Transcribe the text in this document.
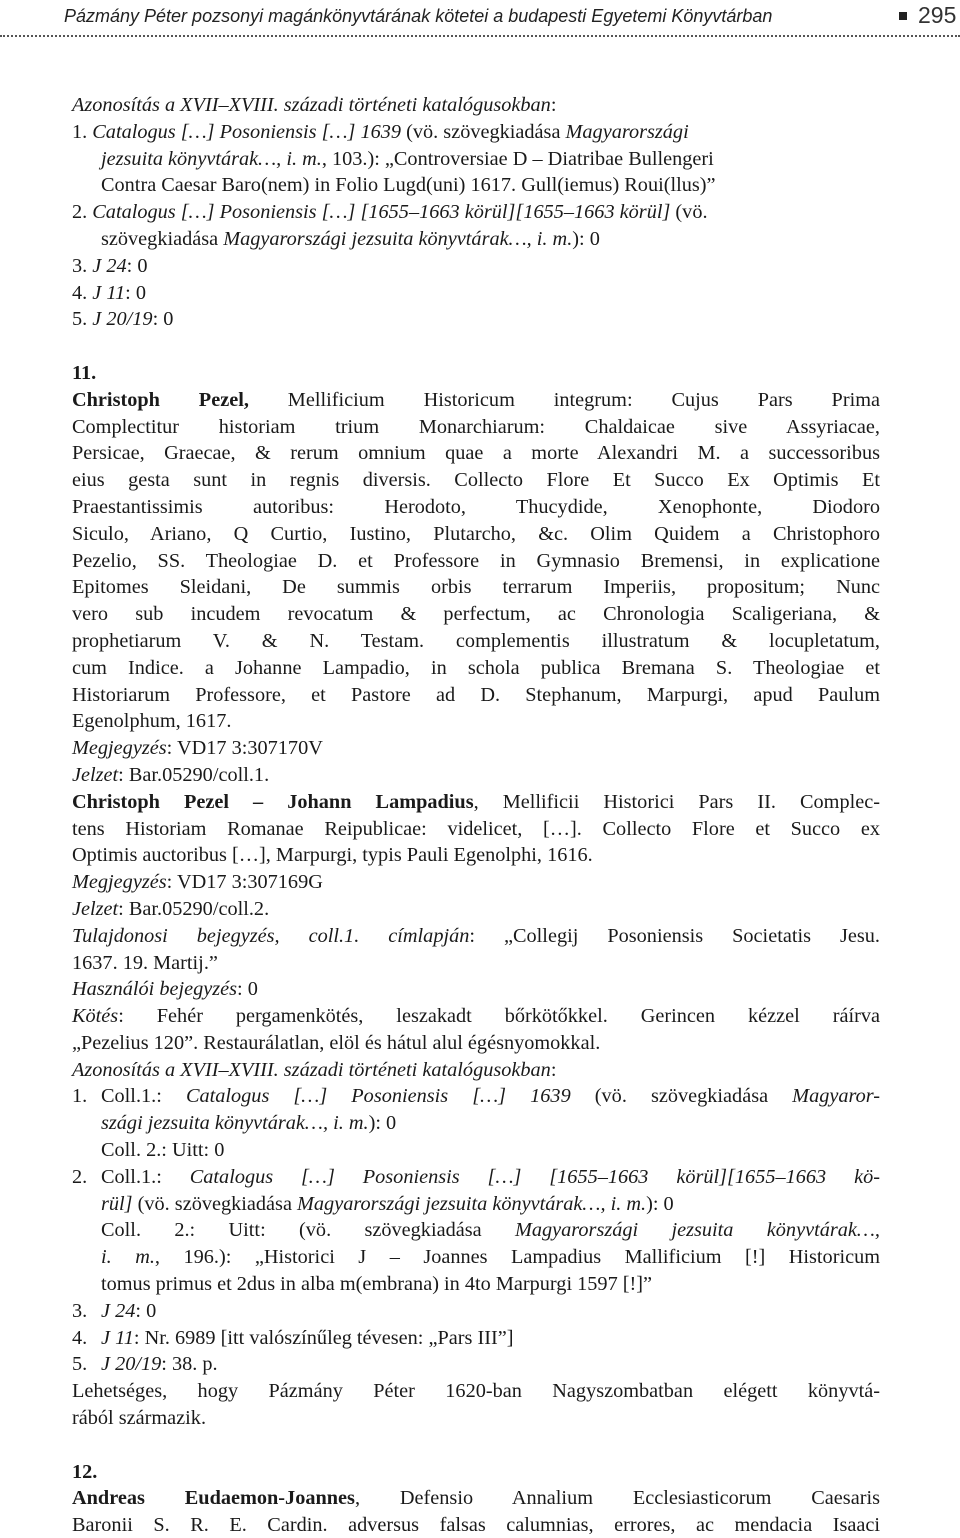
Pázmány Péter pozsonyi magánkönyvtárának kötetei a budapesti Egyetemi Könyvtárban	295
Azonosítás a XVII–XVIII. századi történeti katalógusokban:
1. Catalogus […] Posoniensis […] 1639 (vö. szövegkiadása Magyarországi
jezsuita könyvtárak…, i. m., 103.): „Controversiae D – Diatribae Bullengeri
Contra Caesar Baro(nem) in Folio Lugd(uni) 1617. Gull(iemus) Roui(llus)”
2. Catalogus […] Posoniensis […] [1655–1663 körül][1655–1663 körül] (vö.
szövegkiadása Magyarországi jezsuita könyvtárak…, i. m.): 0
3. J 24: 0
4. J 11: 0
5. J 20/19: 0
11.
Christoph Pezel, Mellificium Historicum integrum: Cujus Pars Prima
Complectitur historiam trium Monarchiarum: Chaldaicae sive Assyriacae,
Persicae, Graecae, & rerum omnium quae a morte Alexandri M. a successoribus
eius gesta sunt in regnis diversis. Collecto Flore Et Succo Ex Optimis Et
Praestantissimis autoribus: Herodoto, Thucydide, Xenophonte, Diodoro
Siculo, Ariano, Q Curtio, Iustino, Plutarcho, &c. Olim Quidem a Christophoro
Pezelio, SS. Theologiae D. et Professore in Gymnasio Bremensi, in explicatione
Epitomes Sleidani, De summis orbis terrarum Imperiis, propositum; Nunc
vero sub incudem revocatum & perfectum, ac Chronologia Scaligeriana, &
prophetiarum V. & N. Testam. complementis illustratum & locupletatum,
cum Indice. a Johanne Lampadio, in schola publica Bremana S. Theologiae et
Historiarum Professore, et Pastore ad D. Stephanum, Marpurgi, apud Paulum
Egenolphum, 1617.
Megjegyzés: VD17 3:307170V
Jelzet: Bar.05290/coll.1.
Christoph Pezel – Johann Lampadius, Mellificii Historici Pars II. Complec-
tens Historiam Romanae Reipublicae: videlicet, […]. Collecto Flore et Succo ex
Optimis auctoribus […], Marpurgi, typis Pauli Egenolphi, 1616.
Megjegyzés: VD17 3:307169G
Jelzet: Bar.05290/coll.2.
Tulajdonosi bejegyzés, coll.1. címlapján: „Collegij Posoniensis Societatis Jesu.
1637. 19. Martij.”
Használói bejegyzés: 0
Kötés: Fehér pergamenkötés, leszakadt bőrkötőkkel. Gerincen kézzel ráírva
„Pezelius 120”. Restaurálatlan, elöl és hátul alul égésnyomokkal.
Azonosítás a XVII–XVIII. századi történeti katalógusokban:
1. Coll.1.: Catalogus […] Posoniensis […] 1639 (vö. szövegkiadása Magyaror-
szági jezsuita könyvtárak…, i. m.): 0
Coll. 2.: Uitt: 0
2. Coll.1.: Catalogus […] Posoniensis […] [1655–1663 körül][1655–1663 kö-
rül] (vö. szövegkiadása Magyarországi jezsuita könyvtárak…, i. m.): 0
Coll. 2.: Uitt: (vö. szövegkiadása Magyarországi jezsuita könyvtárak…,
i. m., 196.): „Historici J – Joannes Lampadius Mallificium [!] Historicum
tomus primus et 2dus in alba m(embrana) in 4to Marpurgi 1597 [!]”
3. J 24: 0
4. J 11: Nr. 6989 [itt valószínűleg tévesen: „Pars III”]
5. J 20/19: 38. p.
Lehetséges, hogy Pázmány Péter 1620-ban Nagyszombatban elégett könyvtá-
rából származik.
12.
Andreas Eudaemon-Joannes, Defensio Annalium Ecclesiasticorum Caesaris
Baronii S. R. E. Cardin. adversus falsas calumnias, errores, ac mendacia Isaaci
